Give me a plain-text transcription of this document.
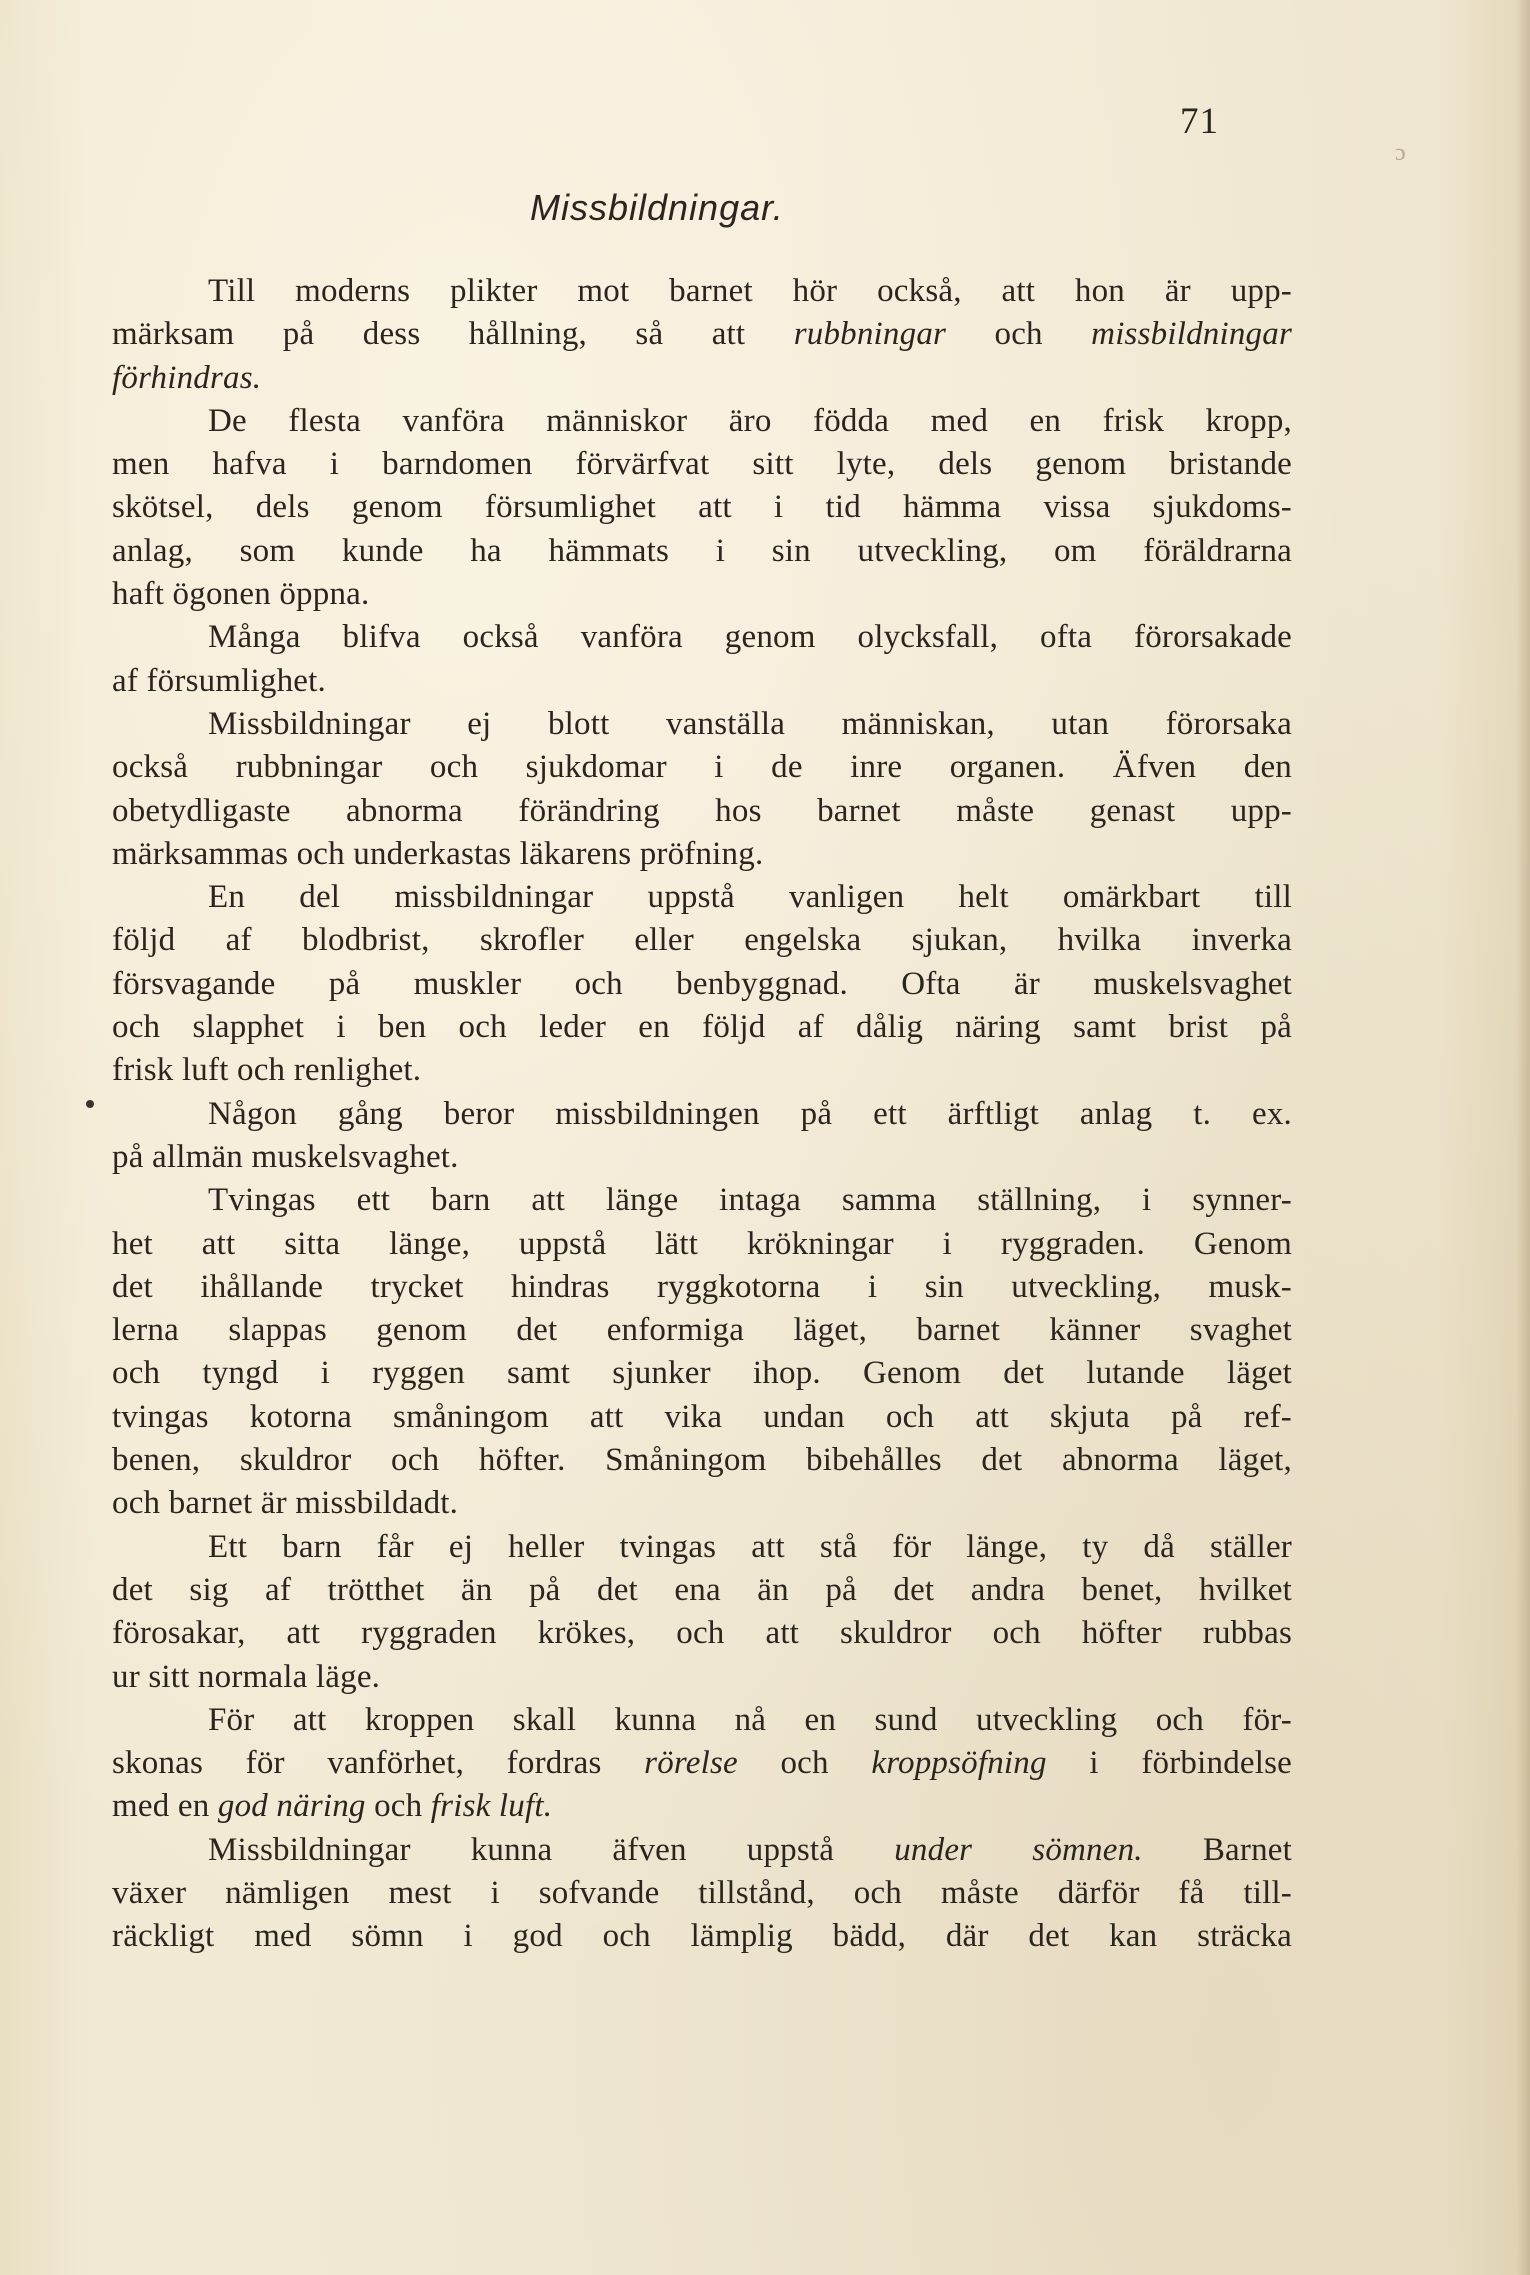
71
Missbildningar.
Till moderns plikter mot barnet hör också, att hon är upp-
märksam på dess hållning, så att rubbningar och missbildningar
förhindras.
De flesta vanföra människor äro födda med en frisk kropp,
men hafva i barndomen förvärfvat sitt lyte, dels genom bristande
skötsel, dels genom försumlighet att i tid hämma vissa sjukdoms-
anlag, som kunde ha hämmats i sin utveckling, om föräldrarna
haft ögonen öppna.
Många blifva också vanföra genom olycksfall, ofta förorsakade
af försumlighet.
Missbildningar ej blott vanställa människan, utan förorsaka
också rubbningar och sjukdomar i de inre organen. Äfven den
obetydligaste abnorma förändring hos barnet måste genast upp-
märksammas och underkastas läkarens pröfning.
En del missbildningar uppstå vanligen helt omärkbart till
följd af blodbrist, skrofler eller engelska sjukan, hvilka inverka
försvagande på muskler och benbyggnad. Ofta är muskelsvaghet
och slapphet i ben och leder en följd af dålig näring samt brist på
frisk luft och renlighet.
Någon gång beror missbildningen på ett ärftligt anlag t. ex.
på allmän muskelsvaghet.
Tvingas ett barn att länge intaga samma ställning, i synner-
het att sitta länge, uppstå lätt krökningar i ryggraden. Genom
det ihållande trycket hindras ryggkotorna i sin utveckling, musk-
lerna slappas genom det enformiga läget, barnet känner svaghet
och tyngd i ryggen samt sjunker ihop. Genom det lutande läget
tvingas kotorna småningom att vika undan och att skjuta på ref-
benen, skuldror och höfter. Småningom bibehålles det abnorma läget,
och barnet är missbildadt.
Ett barn får ej heller tvingas att stå för länge, ty då ställer
det sig af trötthet än på det ena än på det andra benet, hvilket
förosakar, att ryggraden krökes, och att skuldror och höfter rubbas
ur sitt normala läge.
För att kroppen skall kunna nå en sund utveckling och för-
skonas för vanförhet, fordras rörelse och kroppsöfning i förbindelse
med en god näring och frisk luft.
Missbildningar kunna äfven uppstå under sömnen. Barnet
växer nämligen mest i sofvande tillstånd, och måste därför få till-
räckligt med sömn i god och lämplig bädd, där det kan sträcka
ɔ
